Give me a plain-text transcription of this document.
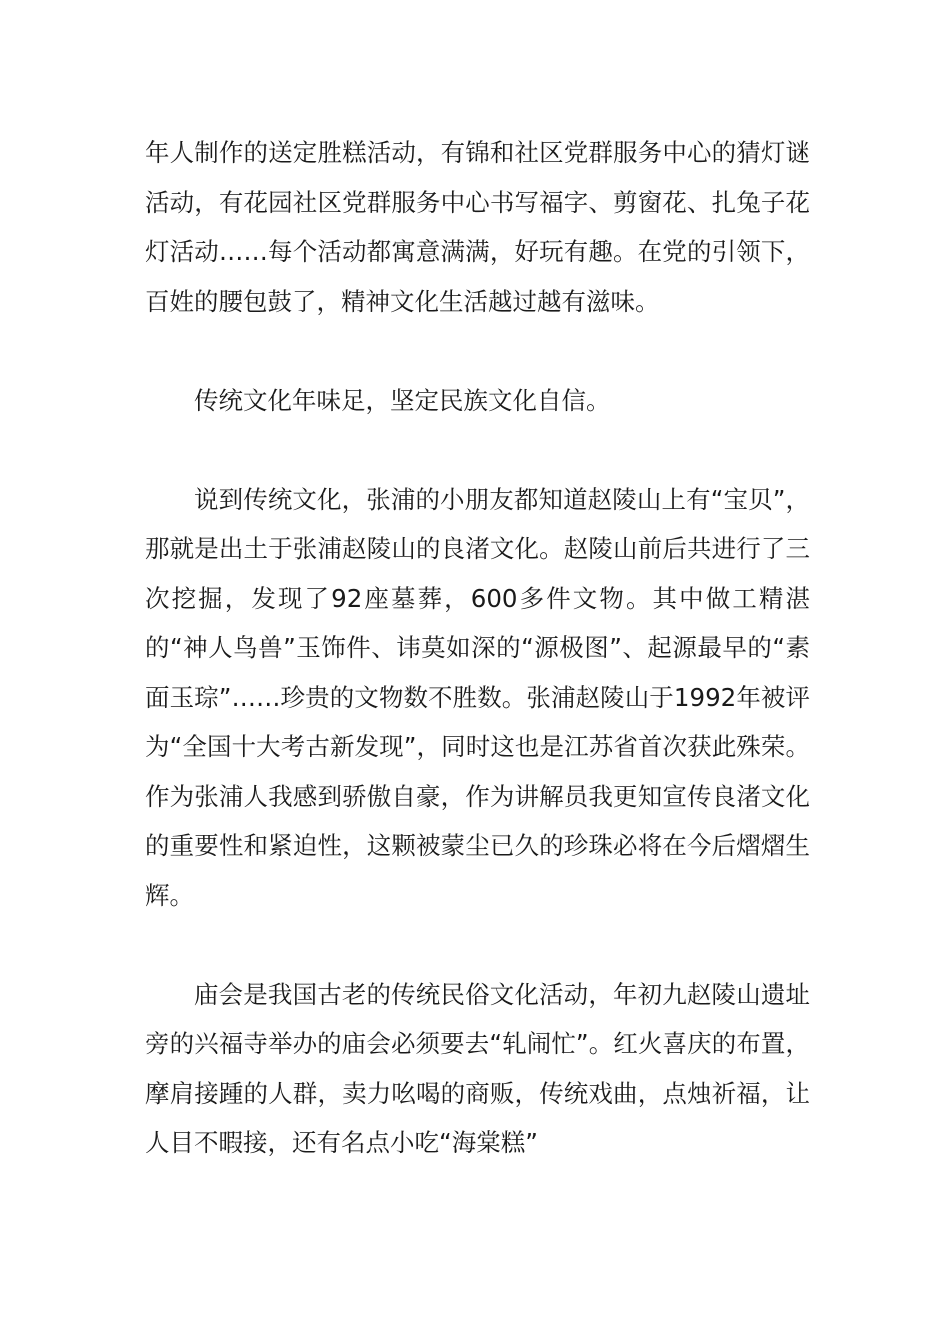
年人制作的送定胜糕活动，有锦和社区党群服务中心的猜灯谜活动，有花园社区党群服务中心书写福字、剪窗花、扎兔子花灯活动……每个活动都寓意满满，好玩有趣。在党的引领下，百姓的腰包鼓了，精神文化生活越过越有滋味。

传统文化年味足，坚定民族文化自信。

说到传统文化，张浦的小朋友都知道赵陵山上有“宝贝”，那就是出土于张浦赵陵山的良渚文化。赵陵山前后共进行了三次挖掘，发现了92座墓葬，600多件文物。其中做工精湛的“神人鸟兽”玉饰件、讳莫如深的“源极图”、起源最早的“素面玉琮”……珍贵的文物数不胜数。张浦赵陵山于1992年被评为“全国十大考古新发现”，同时这也是江苏省首次获此殊荣。作为张浦人我感到骄傲自豪，作为讲解员我更知宣传良渚文化的重要性和紧迫性，这颗被蒙尘已久的珍珠必将在今后熠熠生辉。

庙会是我国古老的传统民俗文化活动，年初九赵陵山遗址旁的兴福寺举办的庙会必须要去“轧闹忙”。红火喜庆的布置，摩肩接踵的人群，卖力吆喝的商贩，传统戏曲，点烛祈福，让人目不暇接，还有名点小吃“海棠糕”
